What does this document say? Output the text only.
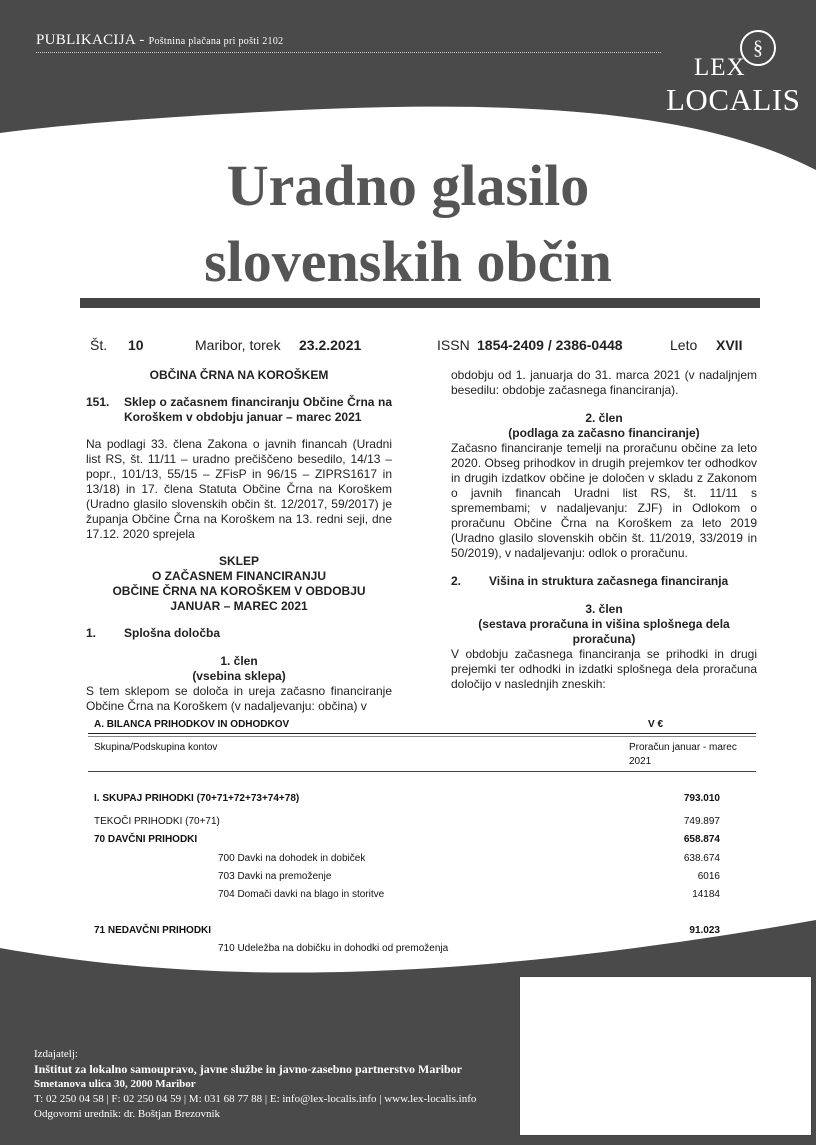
PUBLIKACIJA - Poštnina plačana pri pošti 2102	§
LEX
LOCALIS
Uradno glasilo
slovenskih občin
Št. 10	Maribor, torek 23.2.2021	ISSN 1854-2409 / 2386-0448	Leto XVII
OBČINA ČRNA NA KOROŠKEM
151.	Sklep o začasnem financiranju Občine Črna na Koroškem v obdobju januar – marec 2021

Na podlagi 33. člena Zakona o javnih financah (Uradni list RS, št. 11/11 – uradno prečiščeno besedilo, 14/13 – popr., 101/13, 55/15 – ZFisP in 96/15 – ZIPRS1617 in 13/18) in 17. člena Statuta Občine Črna na Koroškem (Uradno glasilo slovenskih občin št. 12/2017, 59/2017) je županja Občine Črna na Koroškem na 13. redni seji, dne 17.12. 2020 sprejela

SKLEP
O ZAČASNEM FINANCIRANJU
OBČINE ČRNA NA KOROŠKEM V OBDOBJU
JANUAR – MAREC 2021
1.	Splošna določba
1. člen
(vsebina sklepa)

S tem sklepom se določa in ureja začasno financiranje Občine Črna na Koroškem (v nadaljevanju: občina) v

obdobju od 1. januarja do 31. marca 2021 (v nadaljnjem besedilu: obdobje začasnega financiranja).

2. člen
(podlaga za začasno financiranje)

Začasno financiranje temelji na proračunu občine za leto 2020. Obseg prihodkov in drugih prejemkov ter odhodkov in drugih izdatkov občine je določen v skladu z Zakonom o javnih financah Uradni list RS, št. 11/11 s spremembami; v nadaljevanju: ZJF) in Odlokom o proračunu Občine Črna na Koroškem za leto 2019 (Uradno glasilo slovenskih občin št. 11/2019, 33/2019 in 50/2019), v nadaljevanju: odlok o proračunu.

2.	Višina in struktura začasnega financiranja
3. člen
(sestava proračuna in višina splošnega dela proračuna)

V obdobju začasnega financiranja se prihodki in drugi prejemki ter odhodki in izdatki splošnega dela proračuna določijo v naslednjih zneskih:

A. BILANCA PRIHODKOV IN ODHODKOV	V €
Skupina/Podskupina kontov	Proračun januar - marec
2021
I. SKUPAJ PRIHODKI (70+71+72+73+74+78)	793.010
TEKOČI PRIHODKI (70+71)	749.897
70 DAVČNI PRIHODKI	658.874
700 Davki na dohodek in dobiček	638.674
703 Davki na premoženje	6016
704 Domači davki na blago in storitve	14184
71 NEDAVČNI PRIHODKI	91.023
710 Udeležba na dobičku in dohodki od premoženja
Izdajatelj:
Inštitut za lokalno samoupravo, javne službe in javno-zasebno partnerstvo Maribor
Smetanova ulica 30, 2000 Maribor
T: 02 250 04 58 | F: 02 250 04 59 | M: 031 68 77 88 | E: info@lex-localis.info | www.lex-localis.info
Odgovorni urednik: dr. Boštjan Brezovnik
